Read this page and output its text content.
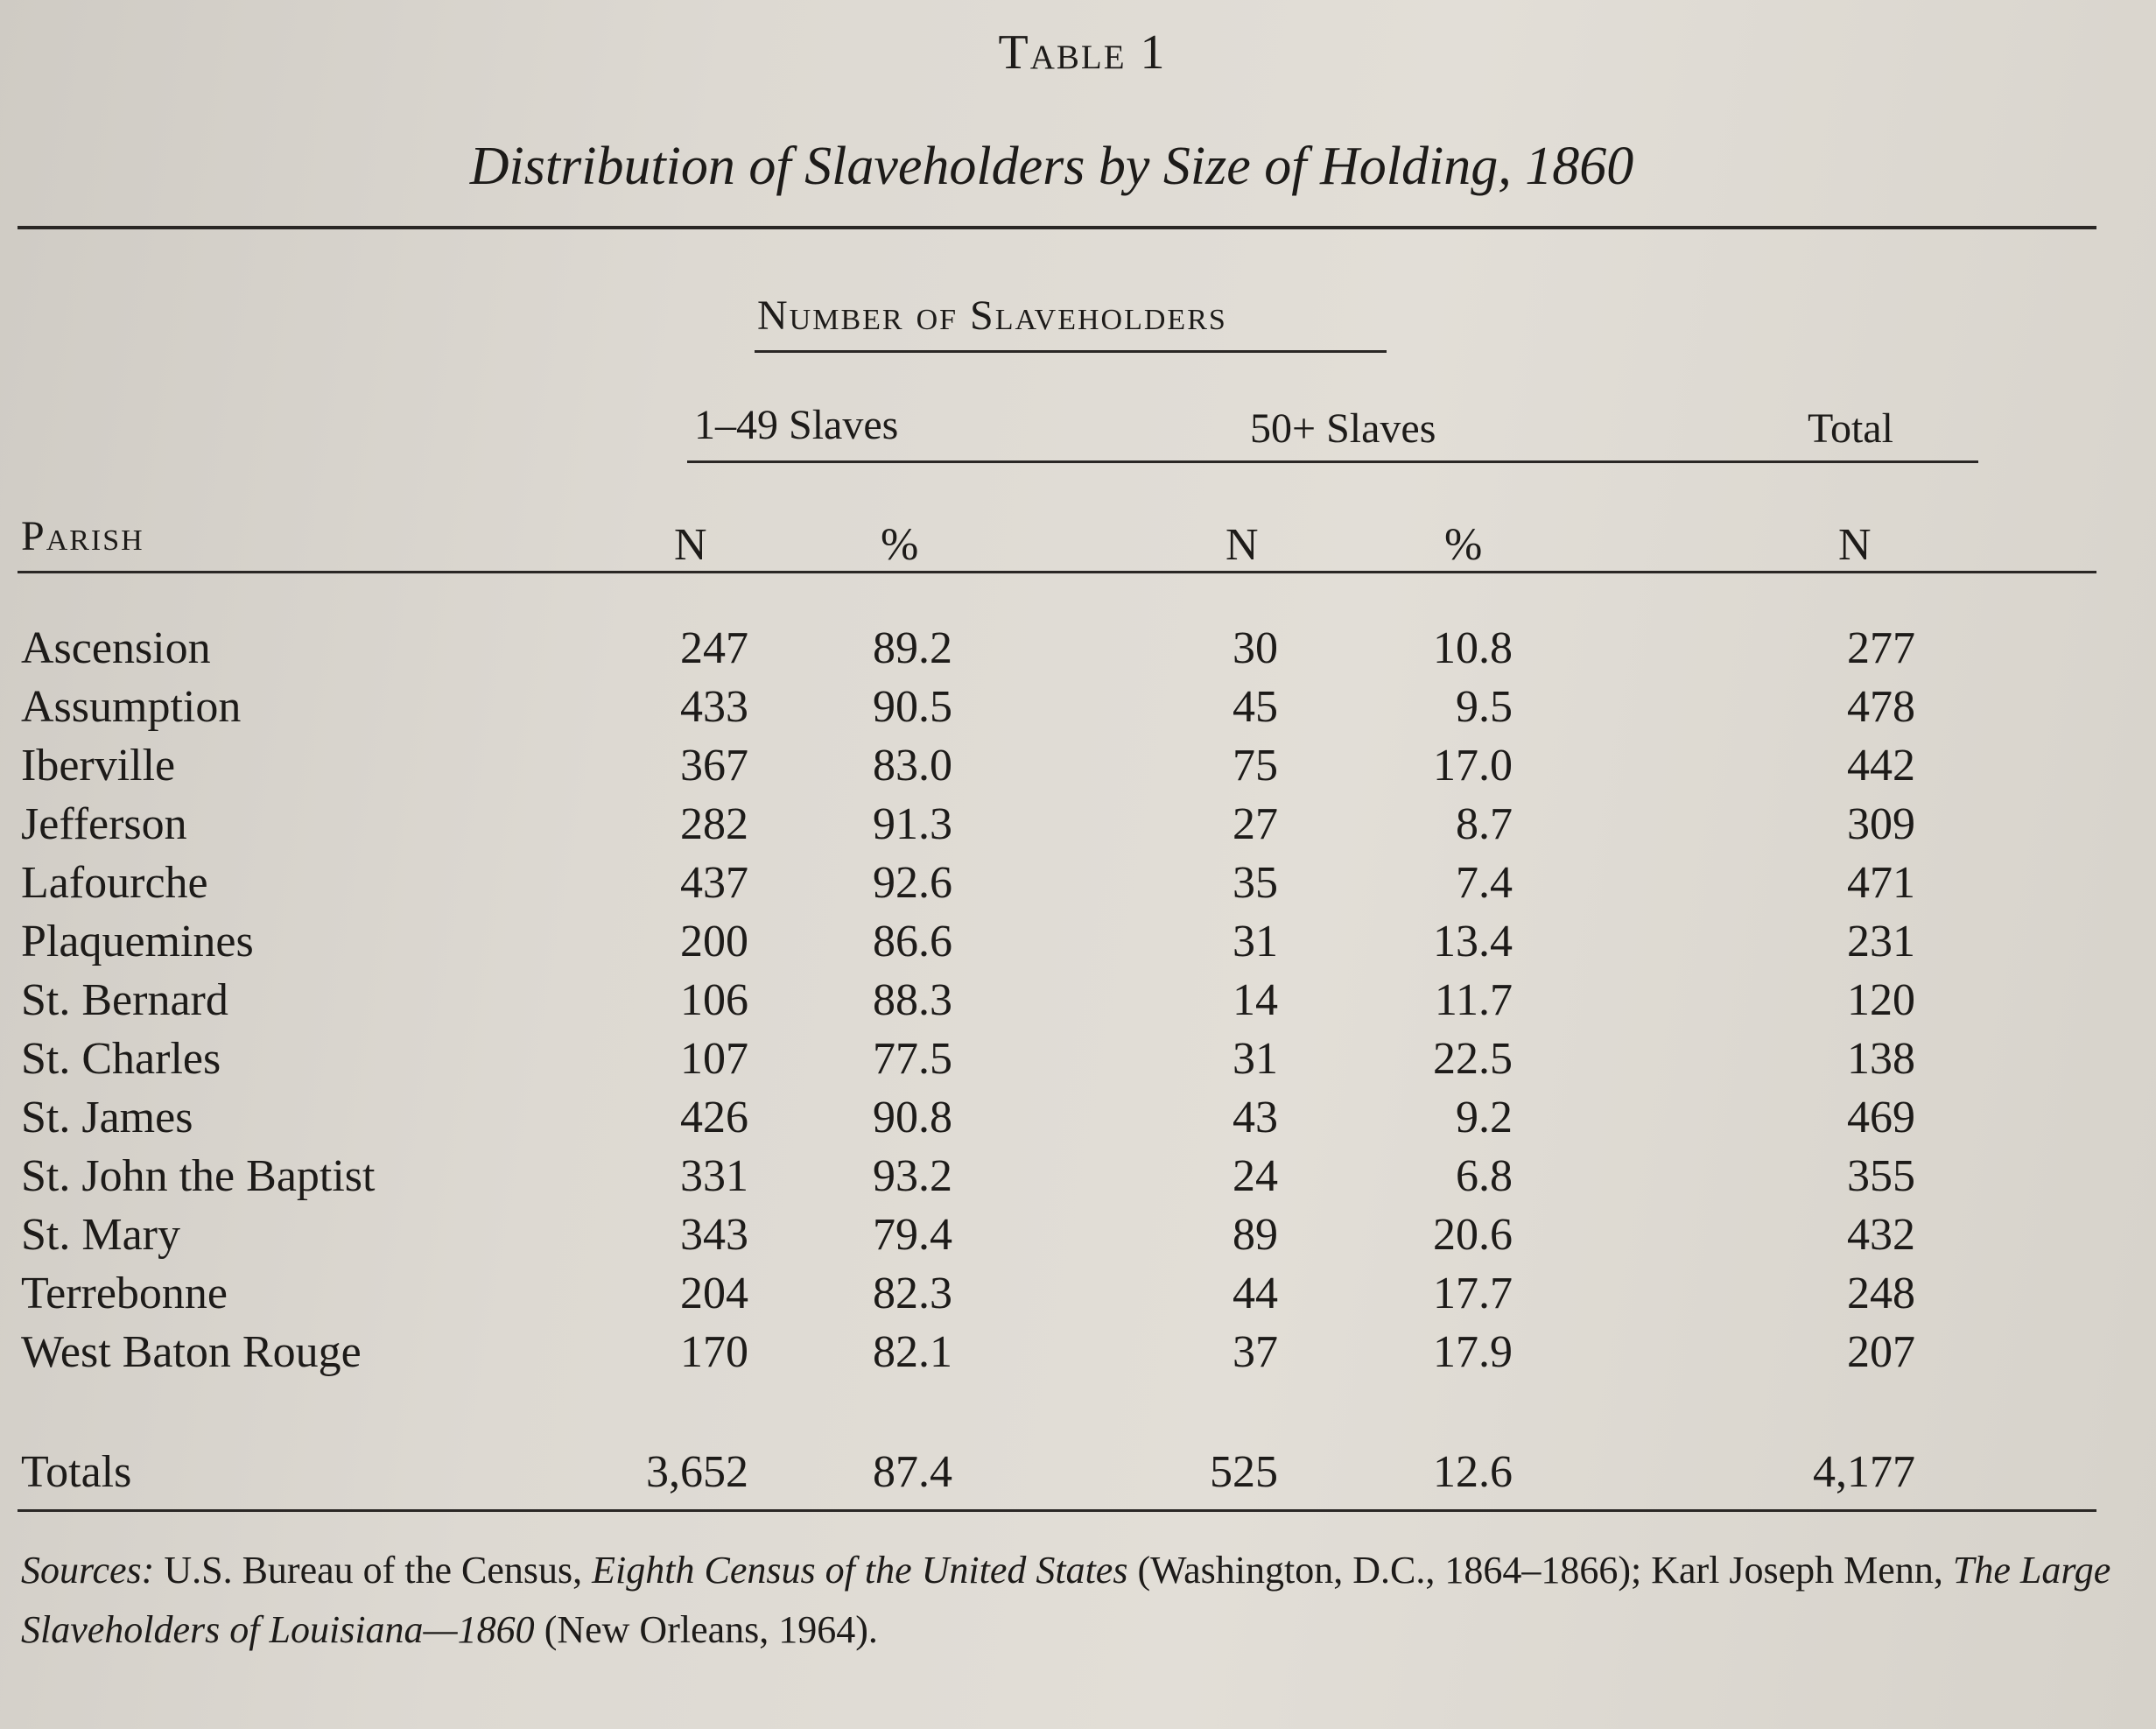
Table 1
Distribution of Slaveholders by Size of Holding, 1860
Number of Slaveholders
1–49 Slaves	50+ Slaves	Total
Parish	N	%	N	%	N
Ascension	247	89.2	30	10.8	277
Assumption	433	90.5	45	9.5	478
Iberville	367	83.0	75	17.0	442
Jefferson	282	91.3	27	8.7	309
Lafourche	437	92.6	35	7.4	471
Plaquemines	200	86.6	31	13.4	231
St. Bernard	106	88.3	14	11.7	120
St. Charles	107	77.5	31	22.5	138
St. James	426	90.8	43	9.2	469
St. John the Baptist	331	93.2	24	6.8	355
St. Mary	343	79.4	89	20.6	432
Terrebonne	204	82.3	44	17.7	248
West Baton Rouge	170	82.1	37	17.9	207
Totals	3,652	87.4	525	12.6	4,177
Sources: U.S. Bureau of the Census, Eighth Census of the United States (Washington, D.C., 1864–1866); Karl Joseph Menn, The Large Slaveholders of Louisiana—1860 (New Orleans, 1964).
